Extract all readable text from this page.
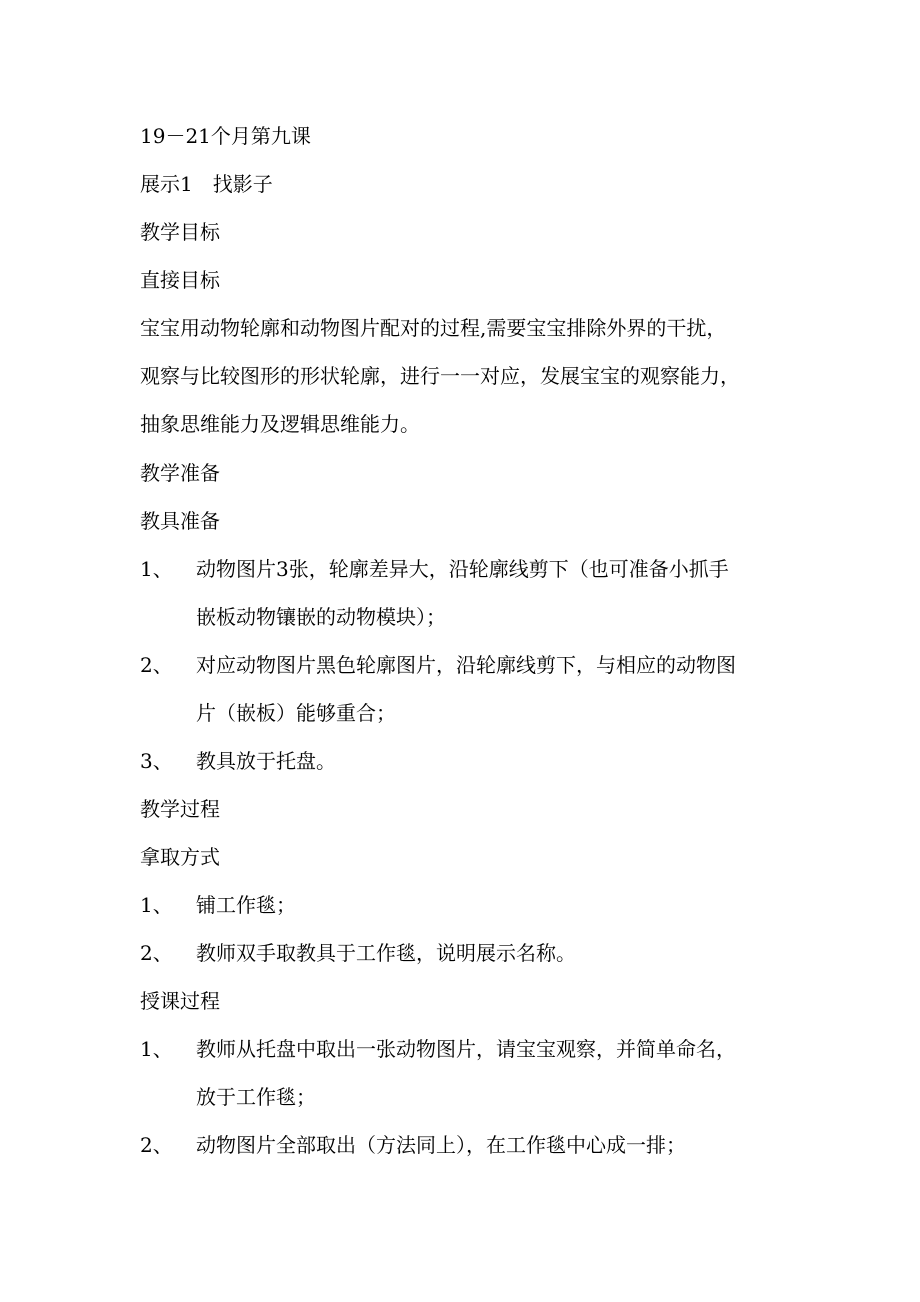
19－21个月第九课
展示1　找影子
教学目标
直接目标
宝宝用动物轮廓和动物图片配对的过程,需要宝宝排除外界的干扰，
观察与比较图形的形状轮廓，进行一一对应，发展宝宝的观察能力，
抽象思维能力及逻辑思维能力。
教学准备
教具准备
1、 动物图片3张，轮廓差异大，沿轮廓线剪下（也可准备小抓手
嵌板动物镶嵌的动物模块）；
2、 对应动物图片黑色轮廓图片，沿轮廓线剪下，与相应的动物图
片（嵌板）能够重合；
3、 教具放于托盘。
教学过程
拿取方式
1、 铺工作毯；
2、 教师双手取教具于工作毯，说明展示名称。
授课过程
1、 教师从托盘中取出一张动物图片，请宝宝观察，并简单命名，
放于工作毯；
2、 动物图片全部取出（方法同上），在工作毯中心成一排；
